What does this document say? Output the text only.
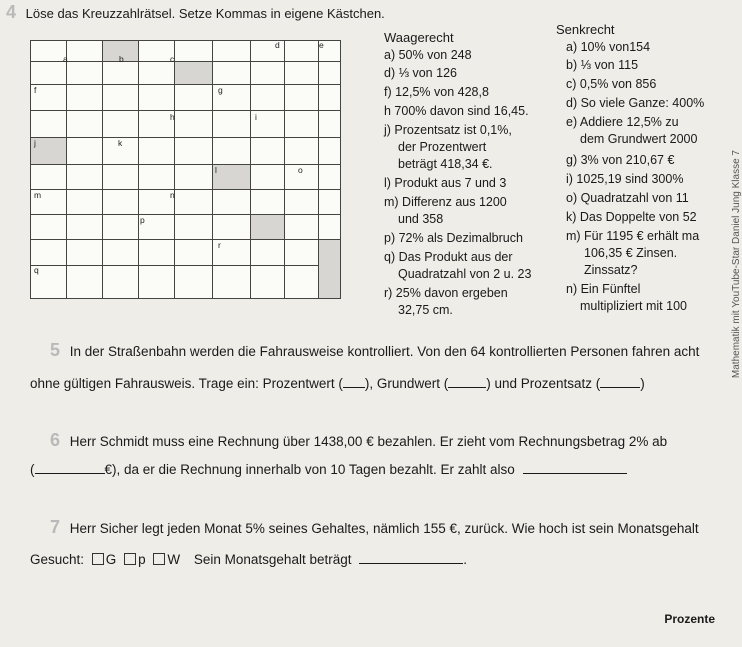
4 Löse das Kreuzzahlrätsel. Setze Kommas in eigene Kästchen.
a	b	c
d	e
f	g
h	i
j	k
l
m	n
o
p
q
r
Waagerecht
a) 50% von 248
d) ⅓ von 126
f) 12,5% von 428,8
h 700% davon sind 16,45.
j) Prozentsatz ist 0,1%,
der Prozentwert
beträgt 418,34 €.
l) Produkt aus 7 und 3
m) Differenz aus 1200
und 358
p) 72% als Dezimalbruch
q) Das Produkt aus der
Quadratzahl von 2 u. 23
r) 25% davon ergeben
32,75 cm.
Senkrecht
a) 10% von154
b) ⅓ von 115
c) 0,5% von 856
d) So viele Ganze: 400%
e) Addiere 12,5% zu
dem Grundwert 2000
g) 3% von 210,67 €
i) 1025,19 sind 300%
o) Quadratzahl von 11
k) Das Doppelte von 52
m) Für 1195 € erhält ma
106,35 € Zinsen.
Zinssatz?
n) Ein Fünftel
multipliziert mit 100
5 In der Straßenbahn werden die Fahrausweise kontrolliert. Von den 64 kontrollierten Personen fahren acht
ohne gültigen Fahrausweis. Trage ein: Prozentwert ( ), Grundwert (	) und Prozentsatz (	)
6 Herr Schmidt muss eine Rechnung über 1438,00 € bezahlen. Er zieht vom Rechnungsbetrag 2% ab
(	€), da er die Rechnung innerhalb von 10 Tagen bezahlt. Er zahlt also
7 Herr Sicher legt jeden Monat 5% seines Gehaltes, nämlich 155 €, zurück. Wie hoch ist sein Monatsgehalt
Gesucht: G p W Sein Monatsgehalt beträgt	.
Prozente
Mathematik mit YouTube-Star Daniel Jung Klasse 7
